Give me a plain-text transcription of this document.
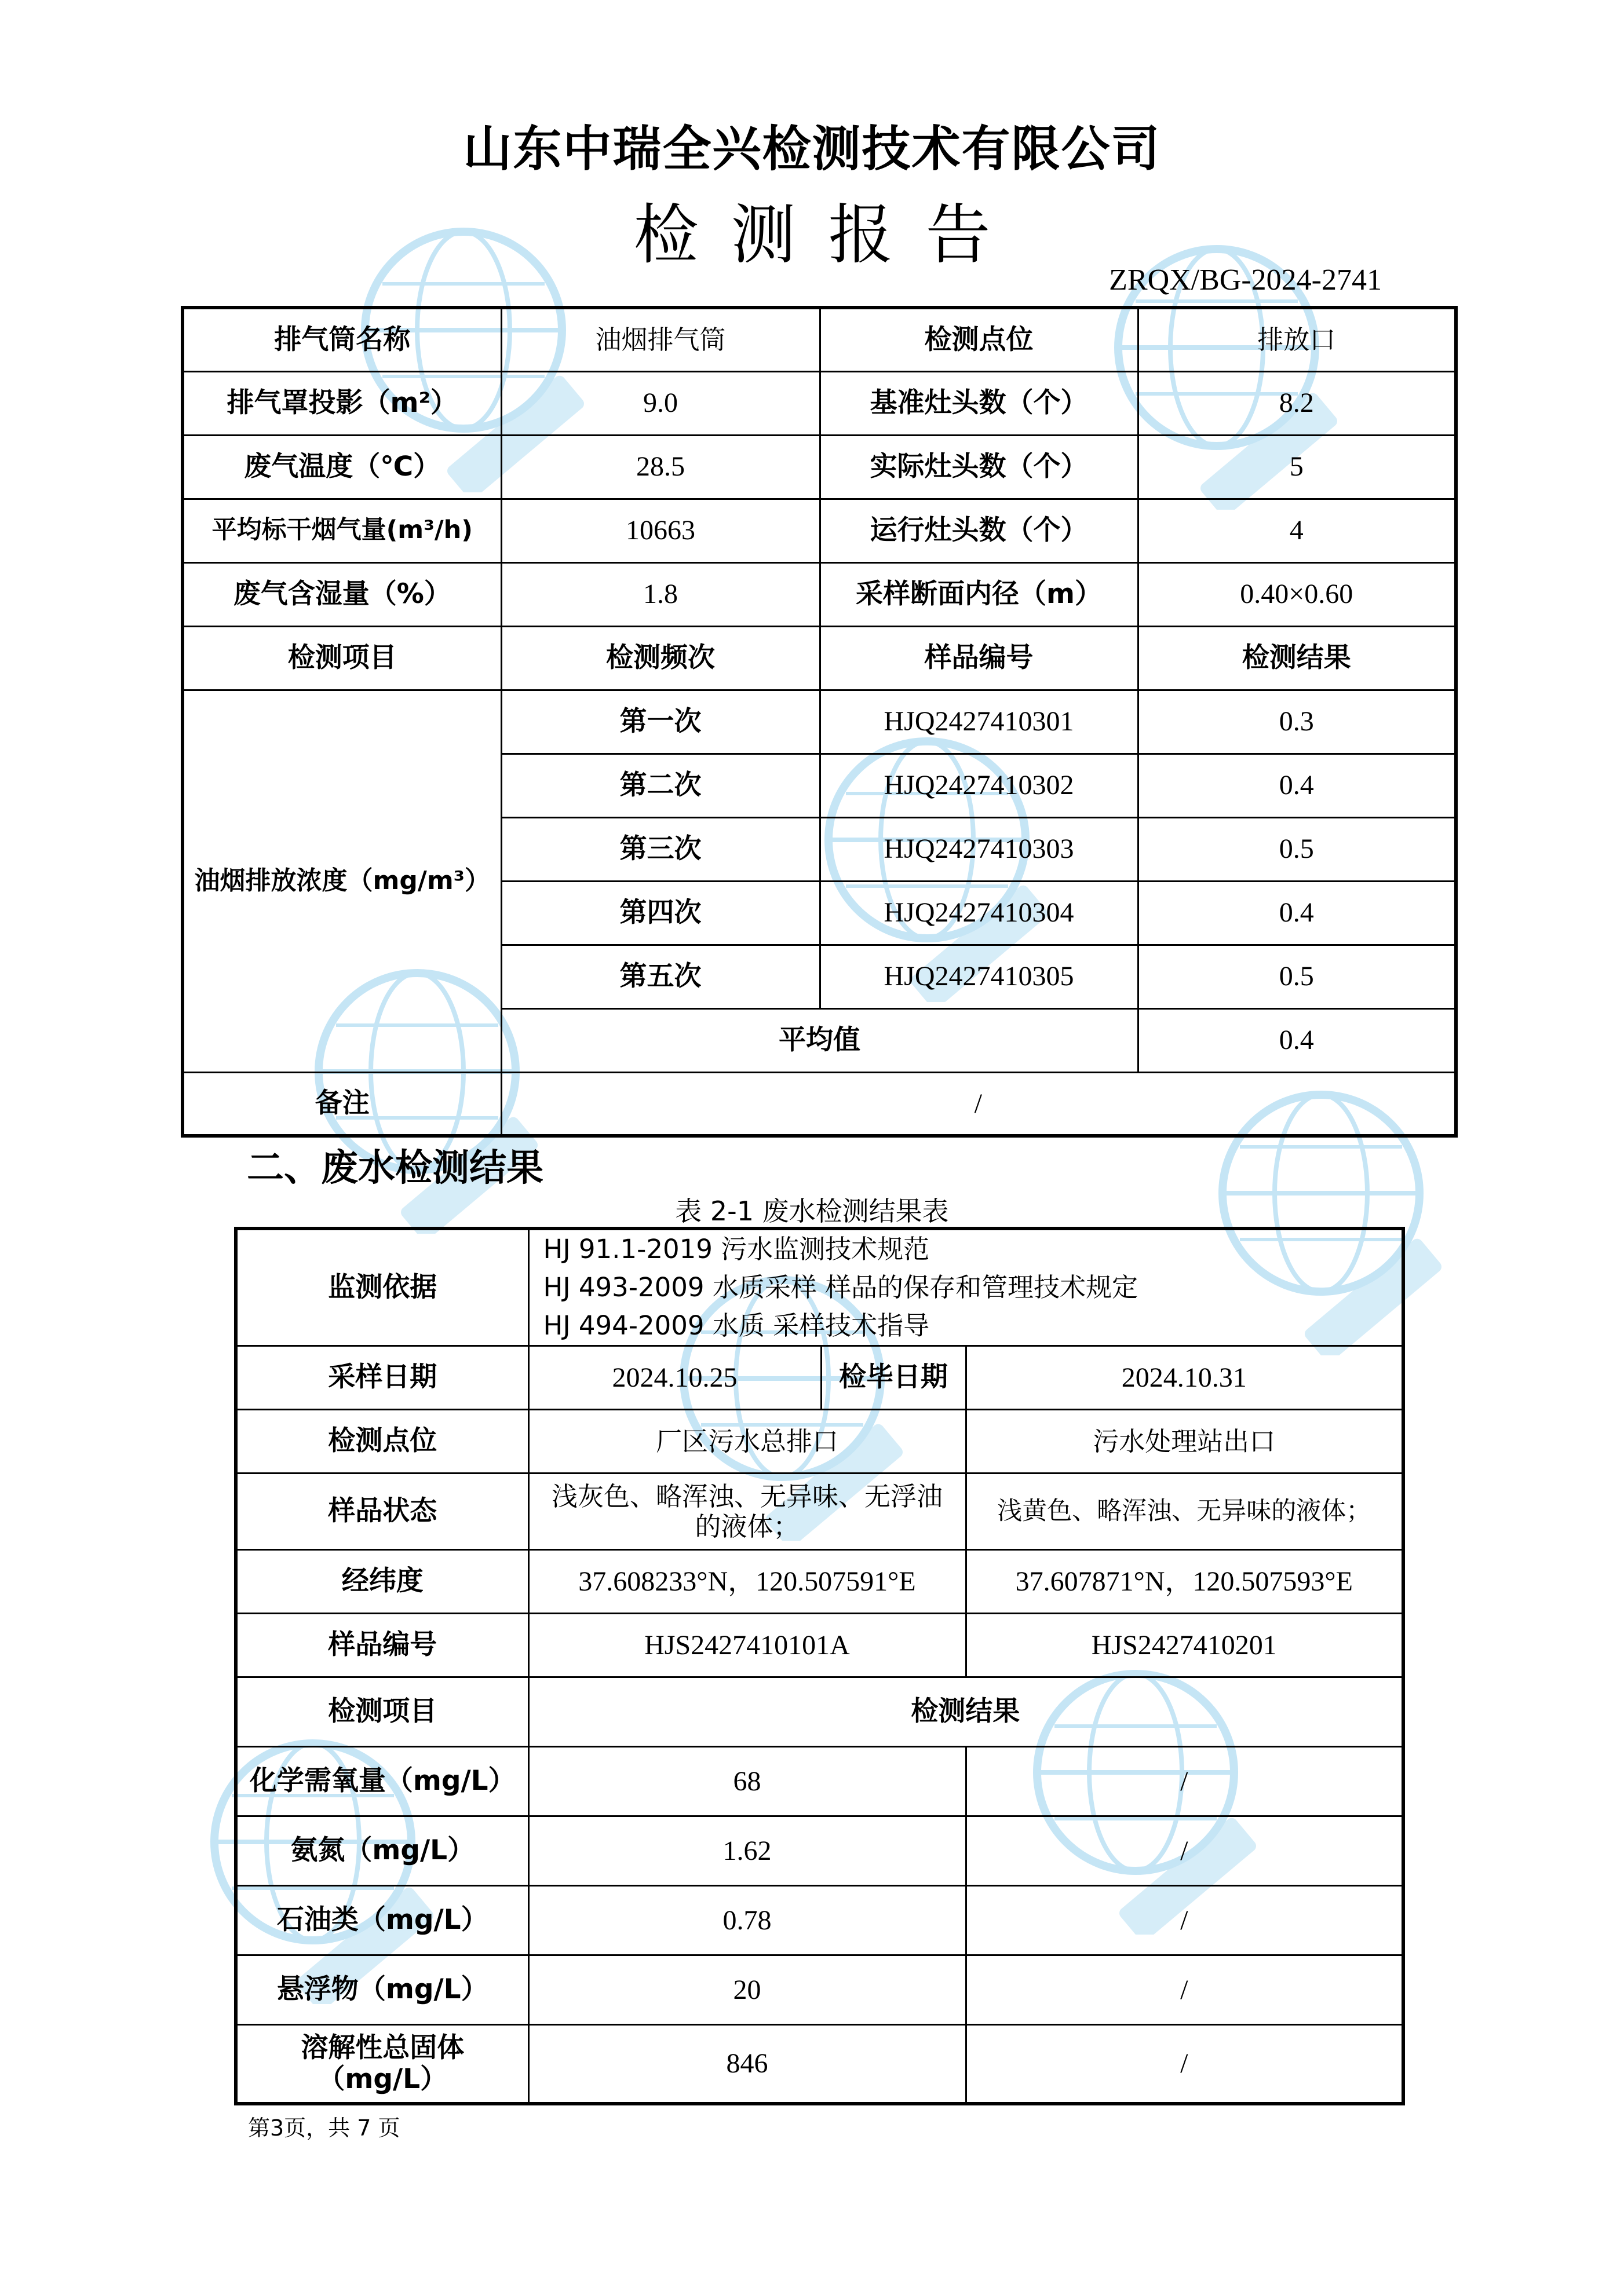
山东中瑞全兴检测技术有限公司
检测报告
ZRQX/BG-2024-2741
排气筒名称	油烟排气筒	检测点位	排放口
排气罩投影（m²）	9.0	基准灶头数（个）	8.2
废气温度（℃）	28.5	实际灶头数（个）	5
平均标干烟气量(m³/h)	10663	运行灶头数（个）	4
废气含湿量（%）	1.8	采样断面内径（m）	0.40×0.60
检测项目	检测频次	样品编号	检测结果
油烟排放浓度（mg/m³）	第一次	HJQ2427410301	0.3
	第二次	HJQ2427410302	0.4
	第三次	HJQ2427410303	0.5
	第四次	HJQ2427410304	0.4
	第五次	HJQ2427410305	0.5
	平均值		0.4
备注	/		
二、废水检测结果
表 2-1 废水检测结果表
监测依据	HJ 91.1-2019 污水监测技术规范
HJ 493-2009 水质采样 样品的保存和管理技术规定
HJ 494-2009 水质 采样技术指导		

采样日期	2024.10.25	检毕日期	2024.10.31
检测点位	厂区污水总排口		污水处理站出口
样品状态	浅灰色、略浑浊、无异味、无浮油的液体；		浅黄色、略浑浊、无异味的液体；
经纬度	37.608233°N，120.507591°E		37.607871°N，120.507593°E
样品编号	HJS2427410101A		HJS2427410201
检测项目	检测结果		
化学需氧量（mg/L）	68		/
氨氮（mg/L）	1.62		/
石油类（mg/L）	0.78		/
悬浮物（mg/L）	20		/
溶解性总固体（mg/L）	846		/
第3页，共 7 页
